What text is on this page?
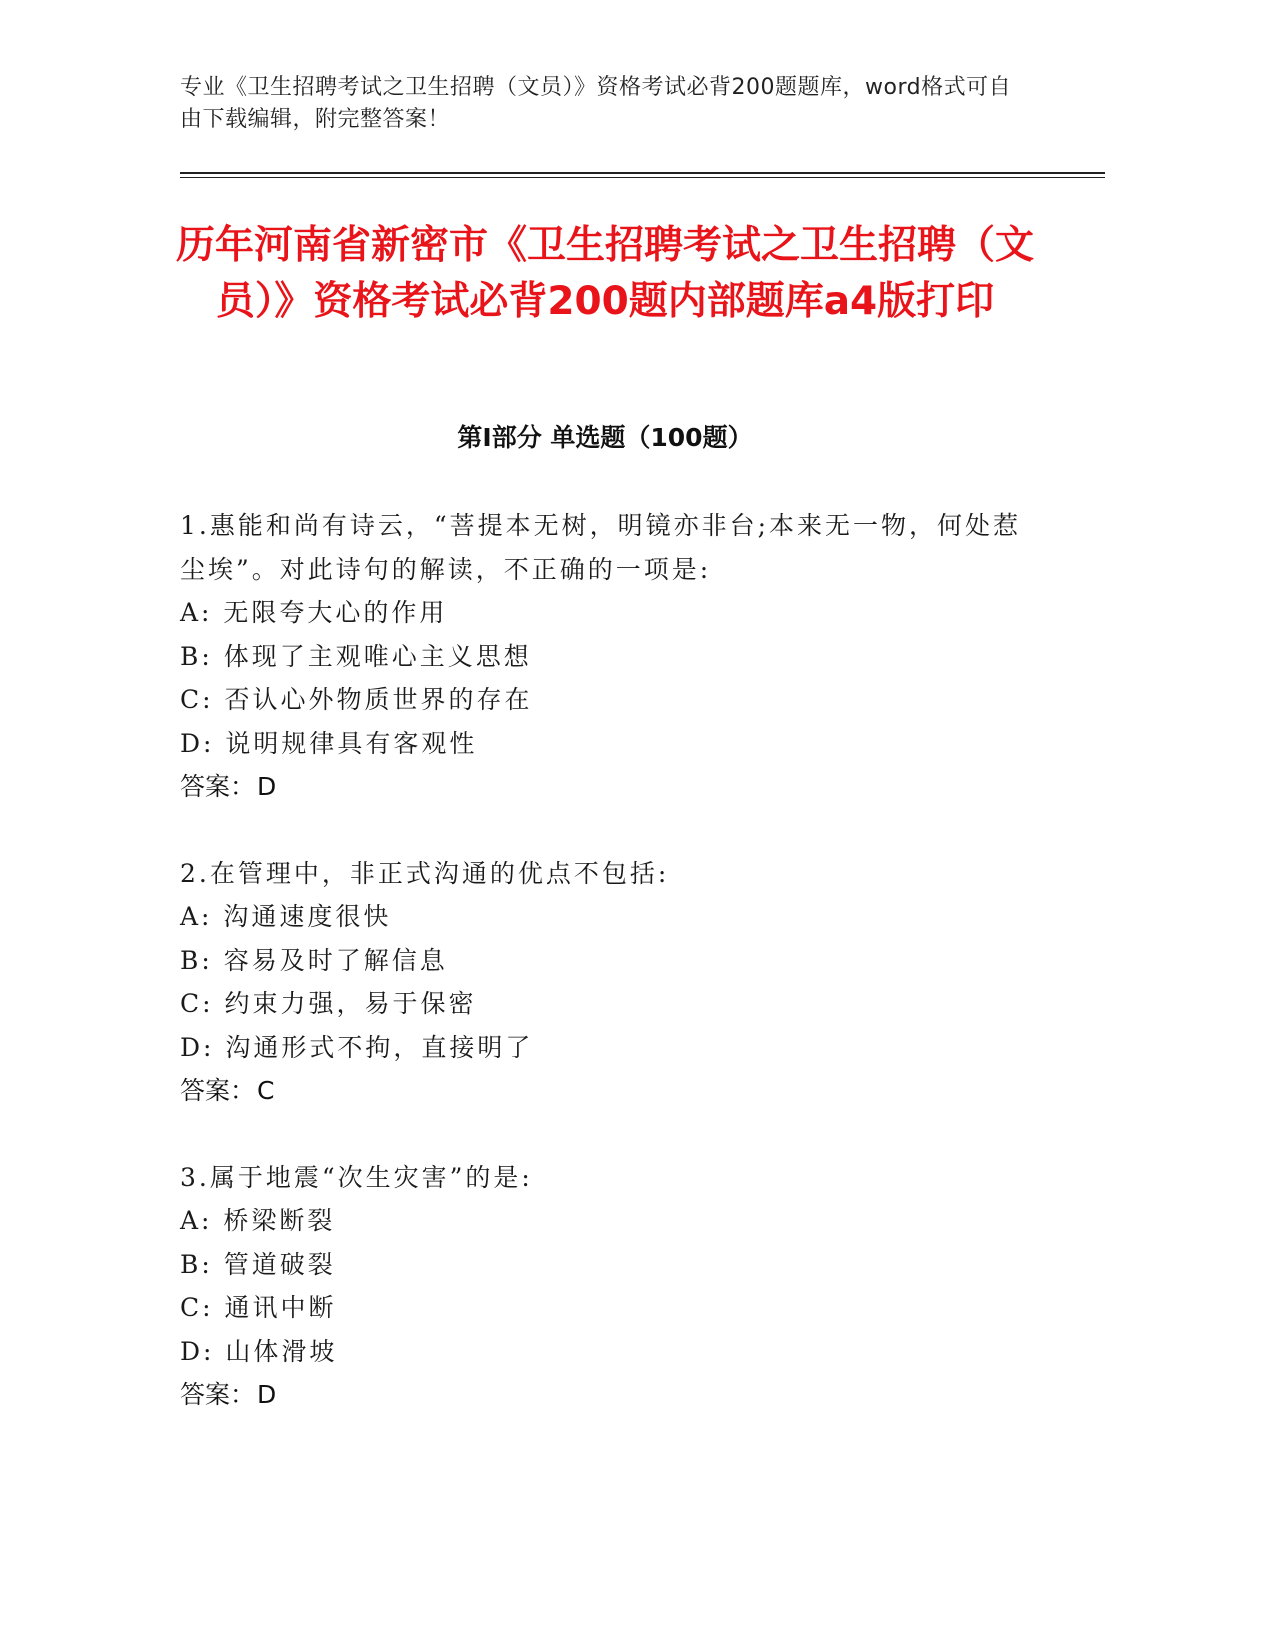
专业《卫生招聘考试之卫生招聘（文员）》资格考试必背200题题库，word格式可自由下载编辑，附完整答案！
历年河南省新密市《卫生招聘考试之卫生招聘（文员）》资格考试必背200题内部题库a4版打印
第Ⅰ部分 单选题（100题）
1.惠能和尚有诗云，“菩提本无树，明镜亦非台;本来无一物，何处惹尘埃”。对此诗句的解读，不正确的一项是:
A: 无限夸大心的作用
B: 体现了主观唯心主义思想
C: 否认心外物质世界的存在
D: 说明规律具有客观性
答案：D
2.在管理中，非正式沟通的优点不包括:
A: 沟通速度很快
B: 容易及时了解信息
C: 约束力强，易于保密
D: 沟通形式不拘，直接明了
答案：C
3.属于地震“次生灾害”的是:
A: 桥梁断裂
B: 管道破裂
C: 通讯中断
D: 山体滑坡
答案：D
